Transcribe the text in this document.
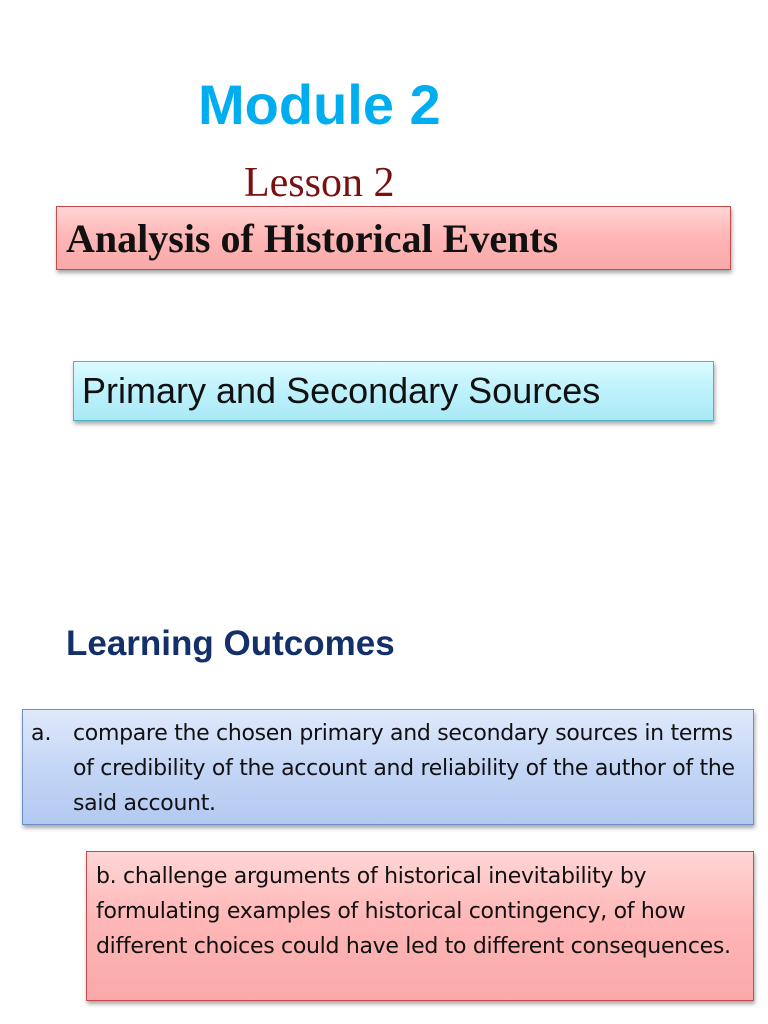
Module 2
Lesson 2
Analysis of Historical Events
Primary and Secondary Sources
Learning Outcomes
a. compare the chosen primary and secondary sources in terms of credibility of the account and reliability of the author of the said account.
b. challenge arguments of historical inevitability by formulating examples of historical contingency, of how different choices could have led to different consequences.
